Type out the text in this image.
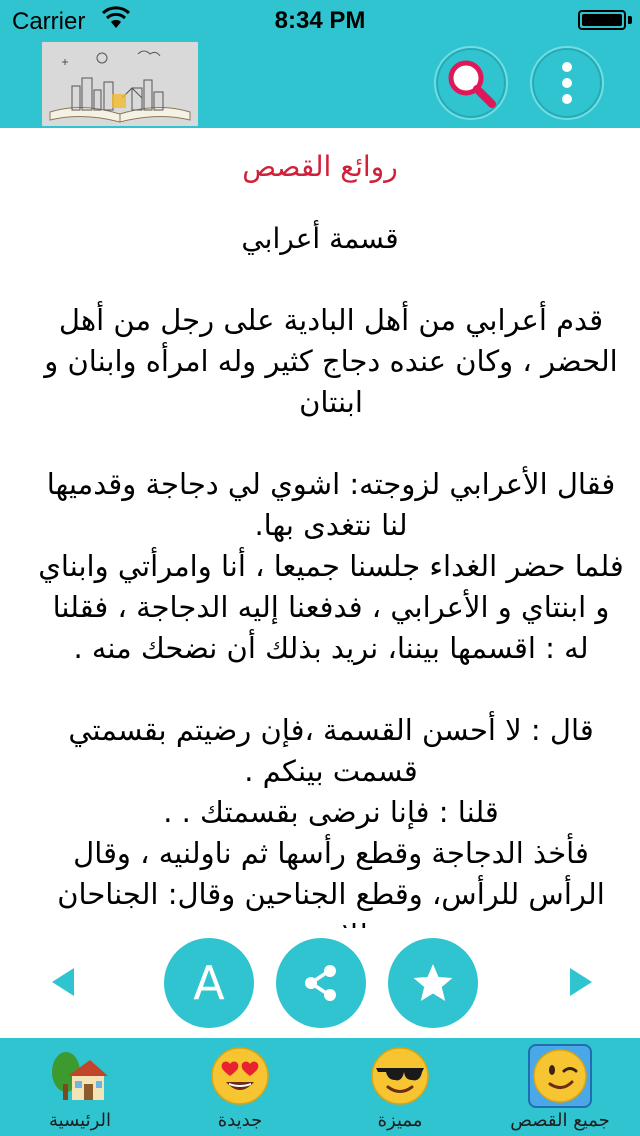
Carrier	8:34 PM
روائع القصص
قسمة أعرابي

قدم أعرابي من أهل البادية على رجل من أهل الحضر ، وكان عنده دجاج كثير وله امرأه وابنان و ابنتان

فقال الأعرابي لزوجته: اشوي لي دجاجة وقدميها لنا نتغدى بها.

فلما حضر الغداء جلسنا جميعا ، أنا وامرأتي وابناي و ابنتاي و الأعرابي ، فدفعنا إليه الدجاجة ، فقلنا له : اقسمها بيننا، نريد بذلك أن نضحك منه .

قال : لا أحسن القسمة ،فإن رضيتم بقسمتي قسمت بينكم .

قلنا : فإنا نرضى بقسمتك . .

فأخذ الدجاجة وقطع رأسها ثم ناولنيه ، وقال الرأس للرأس، وقطع الجناحين وقال: الجناحان

A
الرئيسية	جديدة	مميزة	جميع القصص
